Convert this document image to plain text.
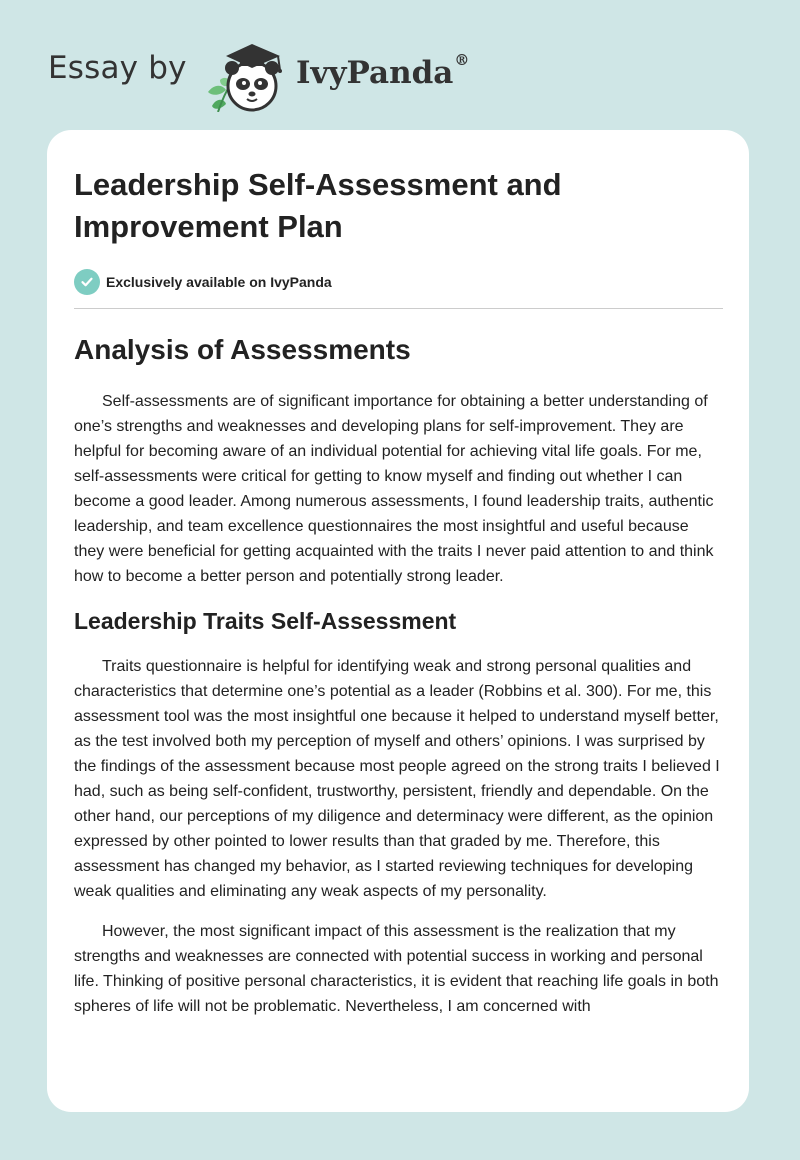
Essay by	IvyPanda®
Leadership Self-Assessment and Improvement Plan
Exclusively available on IvyPanda
Analysis of Assessments

Self-assessments are of significant importance for obtaining a better understanding of one’s strengths and weaknesses and developing plans for self-improvement. They are helpful for becoming aware of an individual potential for achieving vital life goals. For me, self-assessments were critical for getting to know myself and finding out whether I can become a good leader. Among numerous assessments, I found leadership traits, authentic leadership, and team excellence questionnaires the most insightful and useful because they were beneficial for getting acquainted with the traits I never paid attention to and think how to become a better person and potentially strong leader.

Leadership Traits Self-Assessment

Traits questionnaire is helpful for identifying weak and strong personal qualities and characteristics that determine one’s potential as a leader (Robbins et al. 300). For me, this assessment tool was the most insightful one because it helped to understand myself better, as the test involved both my perception of myself and others’ opinions. I was surprised by the findings of the assessment because most people agreed on the strong traits I believed I had, such as being self-confident, trustworthy, persistent, friendly and dependable. On the other hand, our perceptions of my diligence and determinacy were different, as the opinion expressed by other pointed to lower results than that graded by me. Therefore, this assessment has changed my behavior, as I started reviewing techniques for developing weak qualities and eliminating any weak aspects of my personality.

However, the most significant impact of this assessment is the realization that my strengths and weaknesses are connected with potential success in working and personal life. Thinking of positive personal characteristics, it is evident that reaching life goals in both spheres of life will not be problematic. Nevertheless, I am concerned with
